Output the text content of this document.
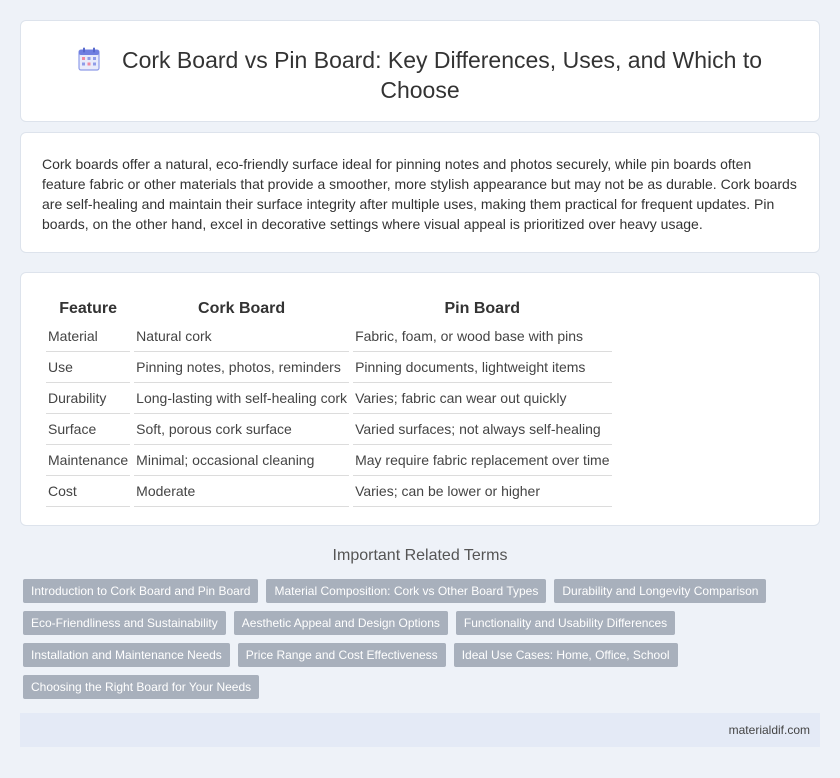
Cork Board vs Pin Board: Key Differences, Uses, and Which to Choose

Cork boards offer a natural, eco-friendly surface ideal for pinning notes and photos securely, while pin boards often feature fabric or other materials that provide a smoother, more stylish appearance but may not be as durable. Cork boards are self-healing and maintain their surface integrity after multiple uses, making them practical for frequent updates. Pin boards, on the other hand, excel in decorative settings where visual appeal is prioritized over heavy usage.

Feature	Cork Board	Pin Board
Material	Natural cork	Fabric, foam, or wood base with pins
Use	Pinning notes, photos, reminders	Pinning documents, lightweight items
Durability	Long-lasting with self-healing cork	Varies; fabric can wear out quickly
Surface	Soft, porous cork surface	Varied surfaces; not always self-healing
Maintenance	Minimal; occasional cleaning	May require fabric replacement over time
Cost	Moderate	Varies; can be lower or higher
Important Related Terms
Introduction to Cork Board and Pin Board	Material Composition: Cork vs Other Board Types	Durability and Longevity Comparison
Eco-Friendliness and Sustainability	Aesthetic Appeal and Design Options	Functionality and Usability Differences
Installation and Maintenance Needs	Price Range and Cost Effectiveness	Ideal Use Cases: Home, Office, School
Choosing the Right Board for Your Needs
materialdif.com
